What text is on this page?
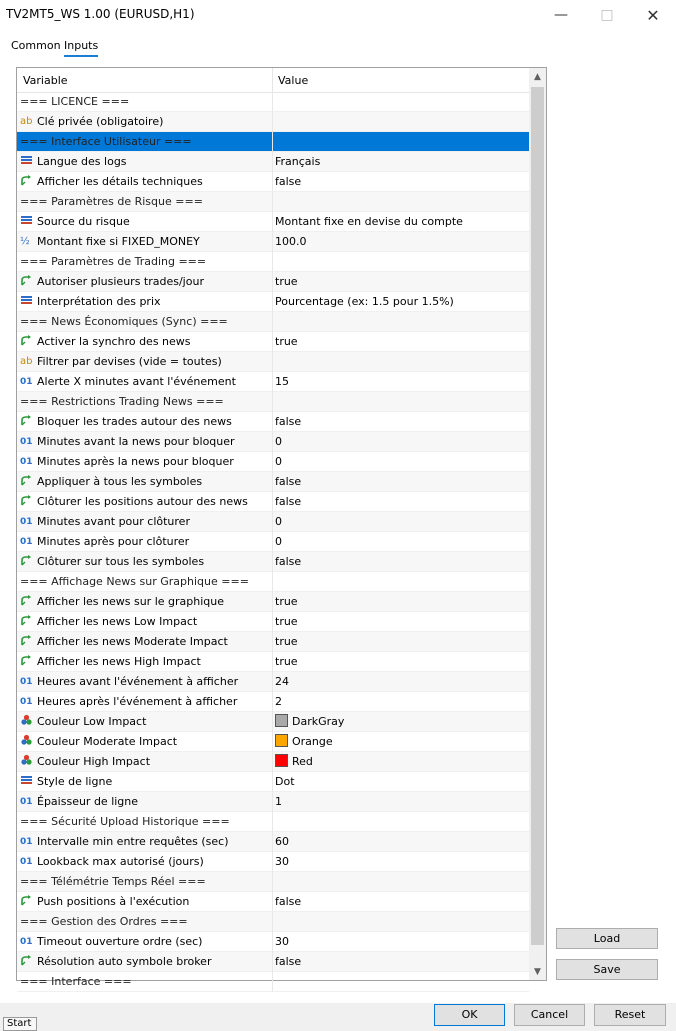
TV2MT5_WS 1.00 (EURUSD,H1)	— □ ✕
Common Inputs
Variable	Value
=== LICENCE ===
ab Clé privée (obligatoire)
=== Interface Utilisateur ===
Langue des logs	Français
Afficher les détails techniques	false
=== Paramètres de Risque ===
Source du risque	Montant fixe en devise du compte
½ Montant fixe si FIXED_MONEY	100.0
=== Paramètres de Trading ===
Autoriser plusieurs trades/jour	true
Interprétation des prix	Pourcentage (ex: 1.5 pour 1.5%)
=== News Économiques (Sync) ===
Activer la synchro des news	true
ab Filtrer par devises (vide = toutes)
01 Alerte X minutes avant l'événement	15
=== Restrictions Trading News ===
Bloquer les trades autour des news	false
01 Minutes avant la news pour bloquer	0
01 Minutes après la news pour bloquer	0
Appliquer à tous les symboles	false
Clôturer les positions autour des news	false
01 Minutes avant pour clôturer	0
01 Minutes après pour clôturer	0
Clôturer sur tous les symboles	false
=== Affichage News sur Graphique ===
Afficher les news sur le graphique	true
Afficher les news Low Impact	true
Afficher les news Moderate Impact	true
Afficher les news High Impact	true
01 Heures avant l'événement à afficher	24
01 Heures après l'événement à afficher	2
Couleur Low Impact	DarkGray
Couleur Moderate Impact	Orange
Couleur High Impact	Red
Style de ligne	Dot
01 Épaisseur de ligne	1
=== Sécurité Upload Historique ===
01 Intervalle min entre requêtes (sec)	60
01 Lookback max autorisé (jours)	30
=== Télémétrie Temps Réel ===
Push positions à l'exécution	false
=== Gestion des Ordres ===
01 Timeout ouverture ordre (sec)	30
Résolution auto symbole broker	false
=== Interface ===
▲
▼
Load
Save
OK	Cancel	Reset
Start
